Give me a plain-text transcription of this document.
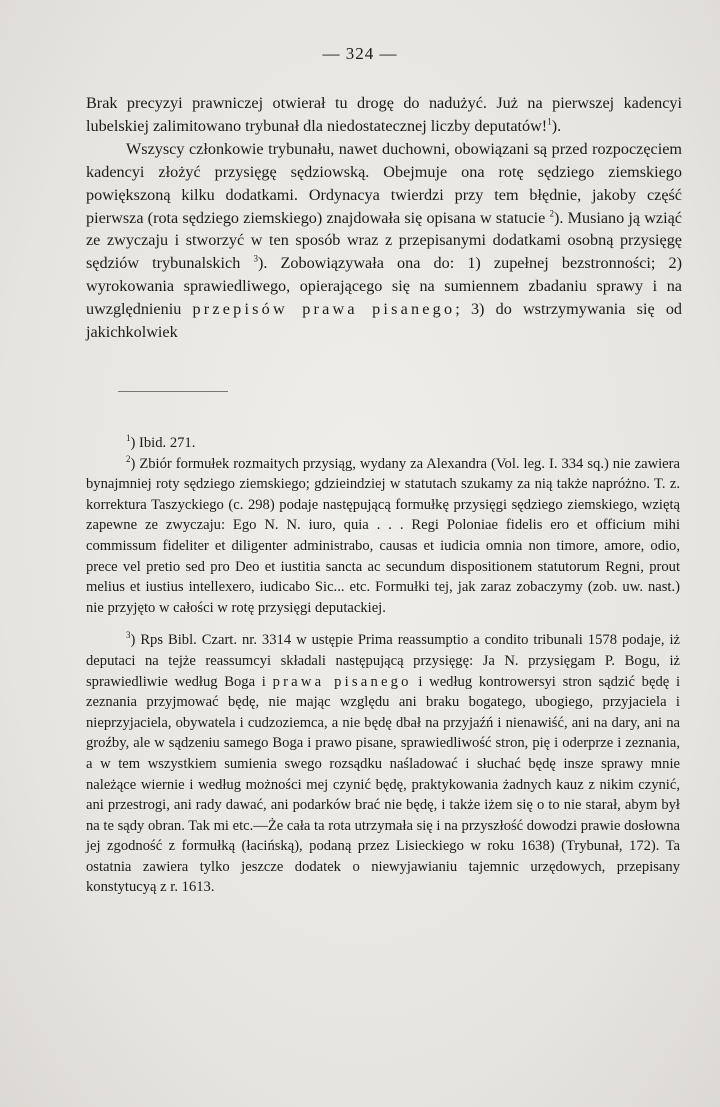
— 324 —

Brak precyzyi prawniczej otwierał tu drogę do nadużyć. Już na pierwszej kadencyi lubelskiej zalimitowano trybunał dla niedostatecznej liczby deputatów!$^1$).

Wszyscy członkowie trybunału, nawet duchowni, obowiązani są przed rozpoczęciem kadencyi złożyć przysięgę sędziowską. Obejmuje ona rotę sędziego ziemskiego powiększoną kilku dodatkami. Ordynacya twierdzi przy tem błędnie, jakoby część pierwsza (rota sędziego ziemskiego) znajdowała się opisana w statucie $^2$). Musiano ją wziąć ze zwyczaju i stworzyć w ten sposób wraz z przepisanymi dodatkami osobną przysięgę sędziów trybunalskich $^3$). Zobowiązywała ona do: 1) zupełnej bezstronności; 2) wyrokowania sprawiedliwego, opierającego się na sumiennem zbadaniu sprawy i na uwzględnieniu przepisów prawa pisanego; 3) do wstrzymywania się od jakichkolwiek

$^1$) Ibid. 271.

$^2$) Zbiór formułek rozmaitych przysiąg, wydany za Alexandra (Vol. leg. I. 334 sq.) nie zawiera bynajmniej roty sędziego ziemskiego; gdzieindziej w statutach szukamy za nią także napróżno. T. z. korrektura Taszyckiego (c. 298) podaje następującą formułkę przysięgi sędziego ziemskiego, wziętą zapewne ze zwyczaju: Ego N. N. iuro, quia . . . Regi Poloniae fidelis ero et officium mihi commissum fideliter et diligenter administrabo, causas et iudicia omnia non timore, amore, odio, prece vel pretio sed pro Deo et iustitia sancta ac secundum dispositionem statutorum Regni, prout melius et iustius intellexero, iudicabo Sic... etc. Formułki tej, jak zaraz zobaczymy (zob. uw. nast.) nie przyjęto w całości w rotę przysięgi deputackiej.

$^3$) Rps Bibl. Czart. nr. 3314 w ustępie Prima reassumptio a condito tribunali 1578 podaje, iż deputaci na tejże reassumcyi składali następującą przysięgę: Ja N. przysięgam P. Bogu, iż sprawiedliwie według Boga i prawa pisanego i według kontrowersyi stron sądzić będę i zeznania przyjmować będę, nie mając względu ani braku bogatego, ubogiego, przyjaciela i nieprzyjaciela, obywatela i cudzoziemca, a nie będę dbał na przyjaźń i nienawiść, ani na dary, ani na groźby, ale w sądzeniu samego Boga i prawo pisane, sprawiedliwość stron, pię i oderprze i zeznania, a w tem wszystkiem sumienia swego rozsądku naśladować i słuchać będę insze sprawy mnie należące wiernie i według możności mej czynić będę, praktykowania żadnych kauz z nikim czynić, ani przestrogi, ani rady dawać, ani podarków brać nie będę, i także iżem się o to nie starał, abym był na te sądy obran. Tak mi etc.—Że cała ta rota utrzymała się i na przyszłość dowodzi prawie dosłowna jej zgodność z formułką (łacińską), podaną przez Lisieckiego w roku 1638) (Trybunał, 172). Ta ostatnia zawiera tylko jeszcze dodatek o niewyjawianiu tajemnic urzędowych, przepisany konstytucyą z r. 1613.
